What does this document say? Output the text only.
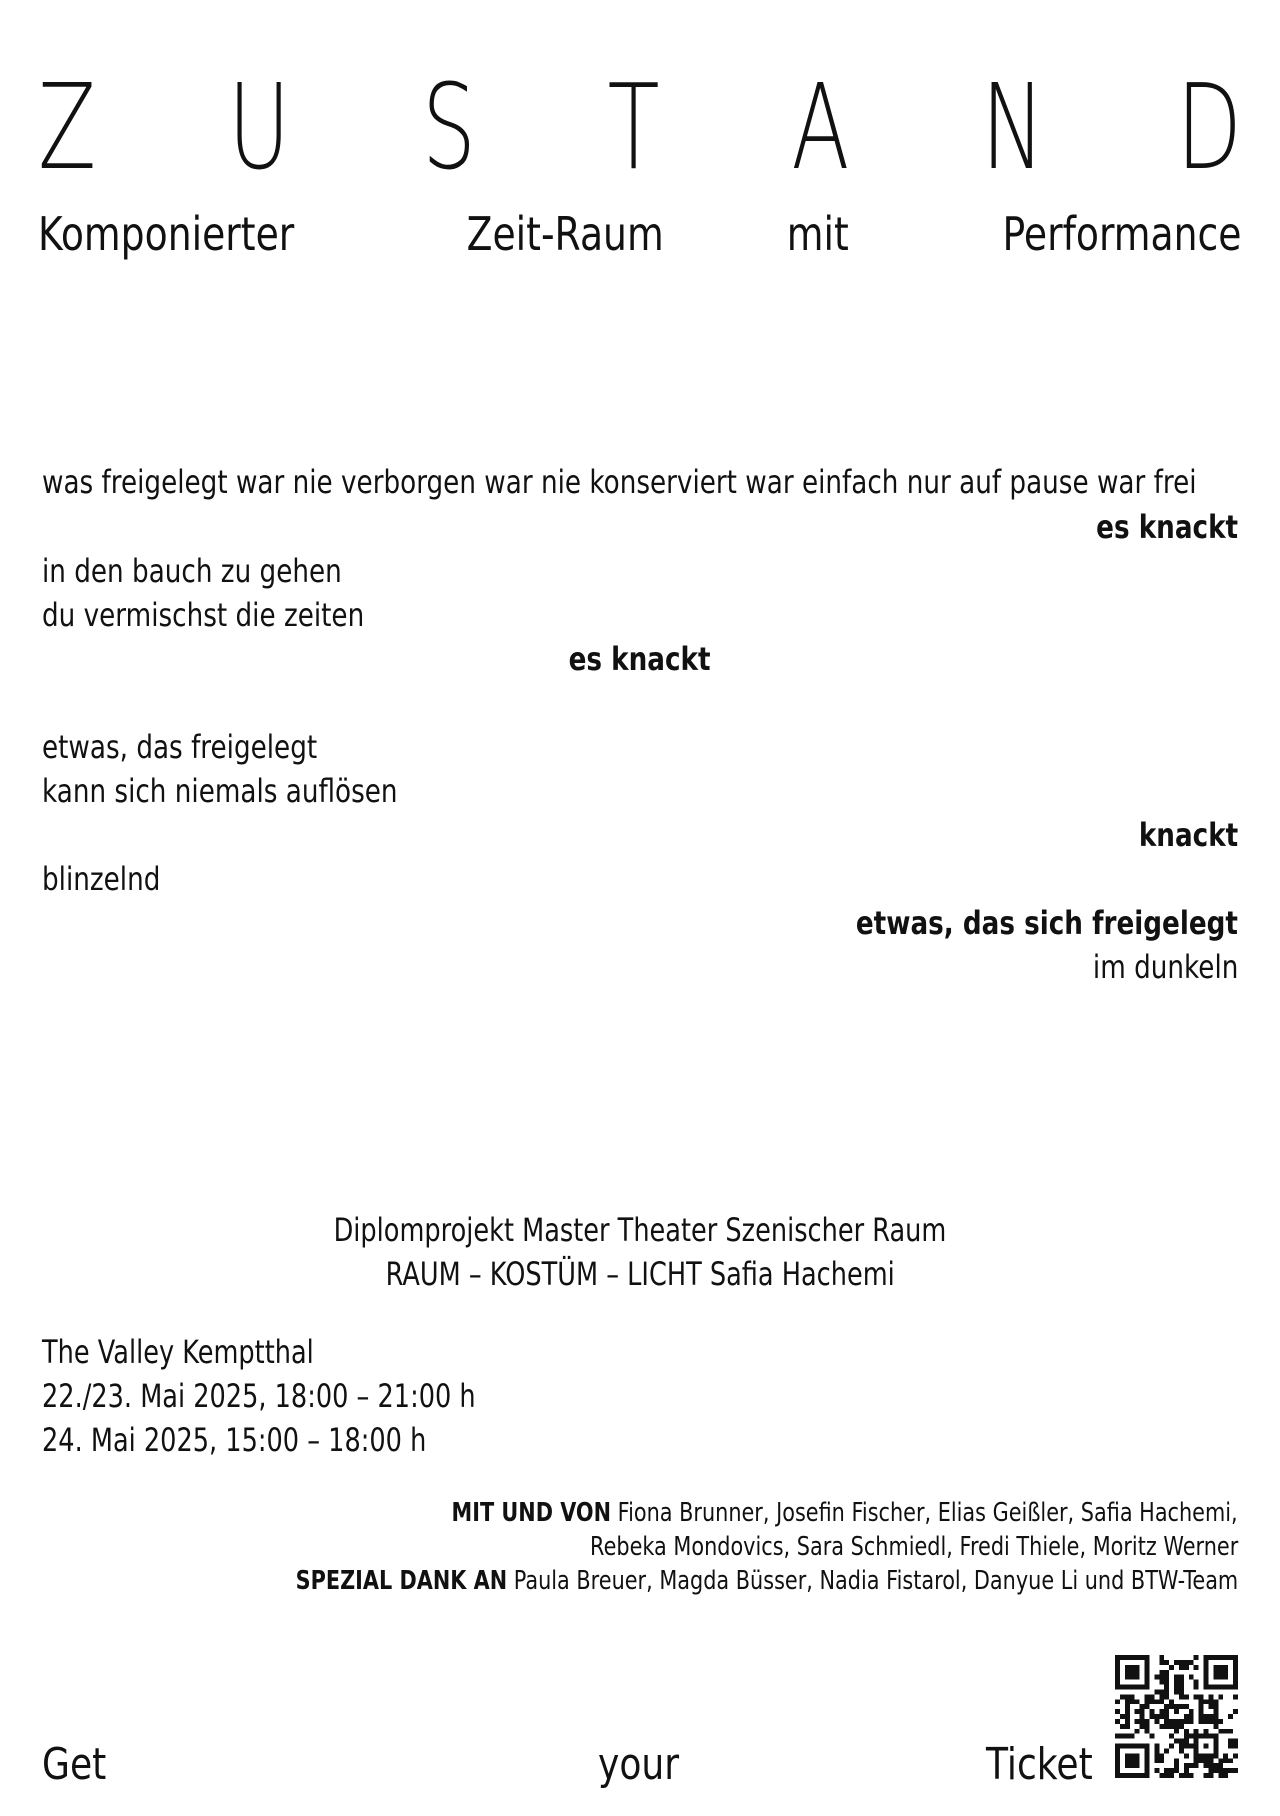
Z U S T A N D
Komponierter	Zeit-Raum	mit	Performance
was freigelegt war nie verborgen war nie konserviert war einfach nur auf pause war frei
es knackt
in den bauch zu gehen
du vermischst die zeiten
es knackt
etwas, das freigelegt
kann sich niemals auflösen
knackt
blinzelnd
etwas, das sich freigelegt
im dunkeln
Diplomprojekt Master Theater Szenischer Raum
RAUM – KOSTÜM – LICHT Safia Hachemi
The Valley Kemptthal
22./23. Mai 2025, 18:00 – 21:00 h
24. Mai 2025, 15:00 – 18:00 h
MIT UND VON Fiona Brunner, Josefin Fischer, Elias Geißler, Safia Hachemi,
Rebeka Mondovics, Sara Schmiedl, Fredi Thiele, Moritz Werner
SPEZIAL DANK AN Paula Breuer, Magda Büsser, Nadia Fistarol, Danyue Li und BTW-Team
Get	your	Ticket
